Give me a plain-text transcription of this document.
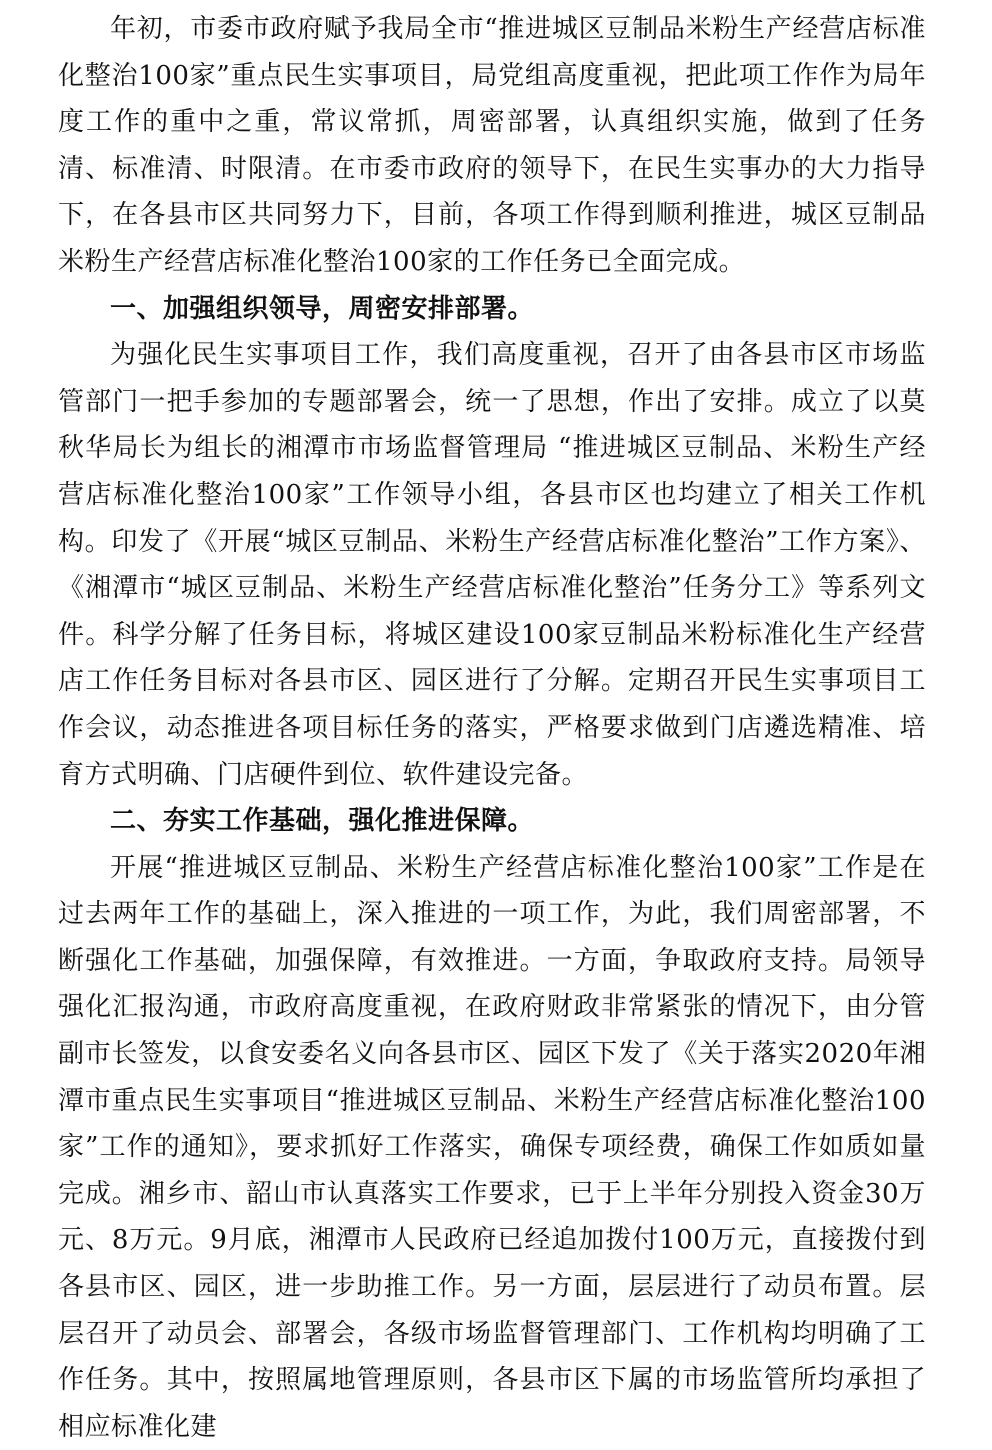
年初，市委市政府赋予我局全市“推进城区豆制品米粉生产经营店标准化整治100家”重点民生实事项目，局党组高度重视，把此项工作作为局年度工作的重中之重，常议常抓，周密部署，认真组织实施，做到了任务清、标准清、时限清。在市委市政府的领导下，在民生实事办的大力指导下，在各县市区共同努力下，目前，各项工作得到顺利推进，城区豆制品米粉生产经营店标准化整治100家的工作任务已全面完成。

一、加强组织领导，周密安排部署。

为强化民生实事项目工作，我们高度重视，召开了由各县市区市场监管部门一把手参加的专题部署会，统一了思想，作出了安排。成立了以莫秋华局长为组长的湘潭市市场监督管理局 “推进城区豆制品、米粉生产经营店标准化整治100家”工作领导小组，各县市区也均建立了相关工作机构。印发了《开展“城区豆制品、米粉生产经营店标准化整治”工作方案》、《湘潭市“城区豆制品、米粉生产经营店标准化整治”任务分工》等系列文件。科学分解了任务目标，将城区建设100家豆制品米粉标准化生产经营店工作任务目标对各县市区、园区进行了分解。定期召开民生实事项目工作会议，动态推进各项目标任务的落实，严格要求做到门店遴选精准、培育方式明确、门店硬件到位、软件建设完备。

二、夯实工作基础，强化推进保障。

开展“推进城区豆制品、米粉生产经营店标准化整治100家”工作是在过去两年工作的基础上，深入推进的一项工作，为此，我们周密部署，不断强化工作基础，加强保障，有效推进。一方面，争取政府支持。局领导强化汇报沟通，市政府高度重视，在政府财政非常紧张的情况下，由分管副市长签发，以食安委名义向各县市区、园区下发了《关于落实2020年湘潭市重点民生实事项目“推进城区豆制品、米粉生产经营店标准化整治100家”工作的通知》，要求抓好工作落实，确保专项经费，确保工作如质如量完成。湘乡市、韶山市认真落实工作要求，已于上半年分别投入资金30万元、8万元。9月底，湘潭市人民政府已经追加拨付100万元，直接拨付到各县市区、园区，进一步助推工作。另一方面，层层进行了动员布置。层层召开了动员会、部署会，各级市场监督管理部门、工作机构均明确了工作任务。其中，按照属地管理原则，各县市区下属的市场监管所均承担了相应标准化建
